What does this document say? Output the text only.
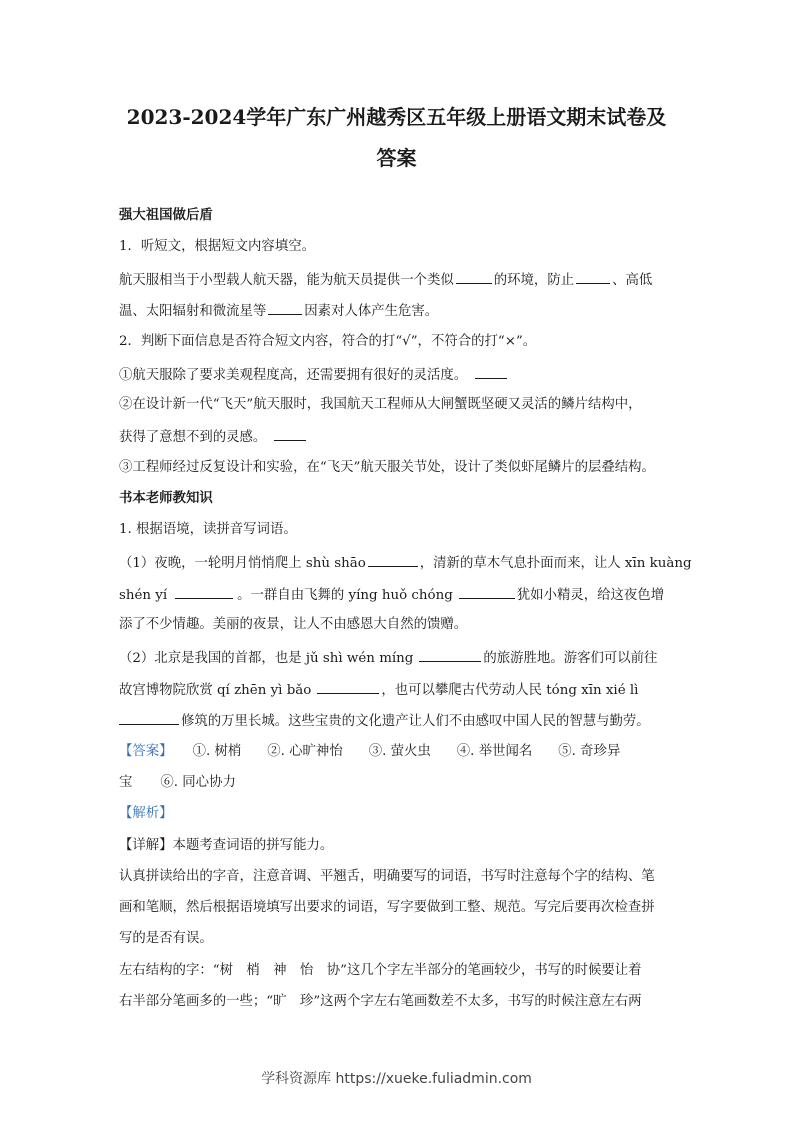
2023-2024学年广东广州越秀区五年级上册语文期末试卷及

答案

强大祖国做后盾

1．听短文，根据短文内容填空。

航天服相当于小型载人航天器，能为航天员提供一个类似	的环境，防止	、高低

温、太阳辐射和微流星等	因素对人体产生危害。

2．判断下面信息是否符合短文内容，符合的打“√”，不符合的打“×”。

①航天服除了要求美观程度高，还需要拥有很好的灵活度。

②在设计新一代“飞天”航天服时，我国航天工程师从大闸蟹既坚硬又灵活的鳞片结构中，

获得了意想不到的灵感。

③工程师经过反复设计和实验，在“飞天”航天服关节处，设计了类似虾尾鳞片的层叠结构。

书本老师教知识

1. 根据语境，读拼音写词语。

（1）夜晚，一轮明月悄悄爬上 shù shāo	，清新的草木气息扑面而来，让人 xīn kuàng

shén yí	。一群自由飞舞的 yíng huǒ chóng	犹如小精灵，给这夜色增

添了不少情趣。美丽的夜景，让人不由感恩大自然的馈赠。

（2）北京是我国的首都，也是 jǔ shì wén míng	的旅游胜地。游客们可以前往

故宫博物院欣赏 qí zhēn yì bǎo	，也可以攀爬古代劳动人民 tóng xīn xié lì

修筑的万里长城。这些宝贵的文化遗产让人们不由感叹中国人民的智慧与勤劳。

【答案】 ①. 树梢 ②. 心旷神怡 ③. 萤火虫 ④. 举世闻名 ⑤. 奇珍异

宝 ⑥. 同心协力

【解析】

【详解】本题考查词语的拼写能力。

认真拼读给出的字音，注意音调、平翘舌，明确要写的词语，书写时注意每个字的结构、笔

画和笔顺，然后根据语境填写出要求的词语，写字要做到工整、规范。写完后要再次检查拼

写的是否有误。

左右结构的字：“树　梢　神　怡　协”这几个字左半部分的笔画较少，书写的时候要让着

右半部分笔画多的一些；“旷　珍”这两个字左右笔画数差不太多，书写的时候注意左右两

学科资源库 https://xueke.fuliadmin.com
